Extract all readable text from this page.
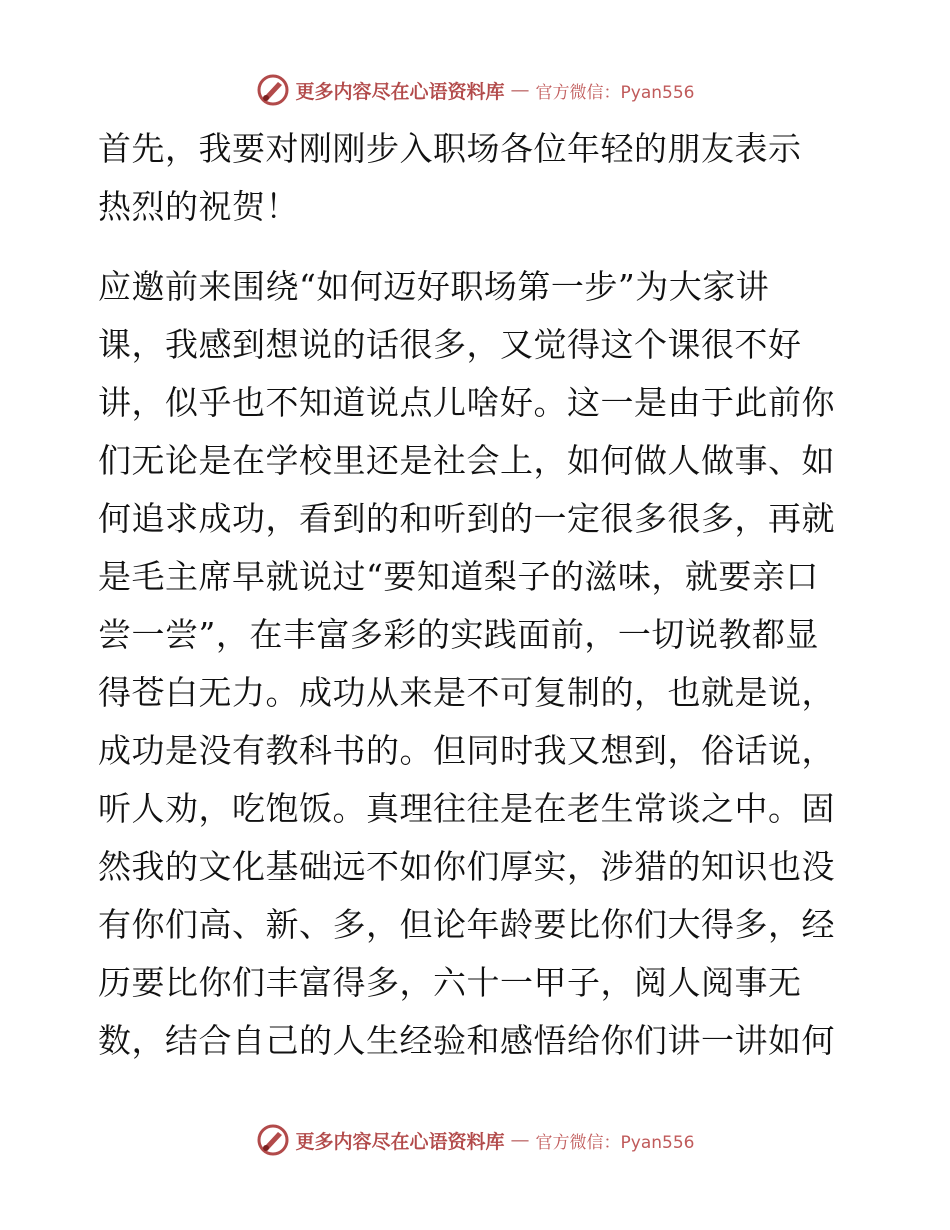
更多内容尽在心语资料库 — 官方微信：Pyan556
首先，我要对刚刚步入职场各位年轻的朋友表示
热烈的祝贺！
应邀前来围绕“如何迈好职场第一步”为大家讲
课，我感到想说的话很多，又觉得这个课很不好
讲，似乎也不知道说点儿啥好。这一是由于此前你
们无论是在学校里还是社会上，如何做人做事、如
何追求成功，看到的和听到的一定很多很多，再就
是毛主席早就说过“要知道梨子的滋味，就要亲口
尝一尝”，在丰富多彩的实践面前，一切说教都显
得苍白无力。成功从来是不可复制的，也就是说，
成功是没有教科书的。但同时我又想到，俗话说，
听人劝，吃饱饭。真理往往是在老生常谈之中。固
然我的文化基础远不如你们厚实，涉猎的知识也没
有你们高、新、多，但论年龄要比你们大得多，经
历要比你们丰富得多，六十一甲子，阅人阅事无
数，结合自己的人生经验和感悟给你们讲一讲如何
更多内容尽在心语资料库 — 官方微信：Pyan556
